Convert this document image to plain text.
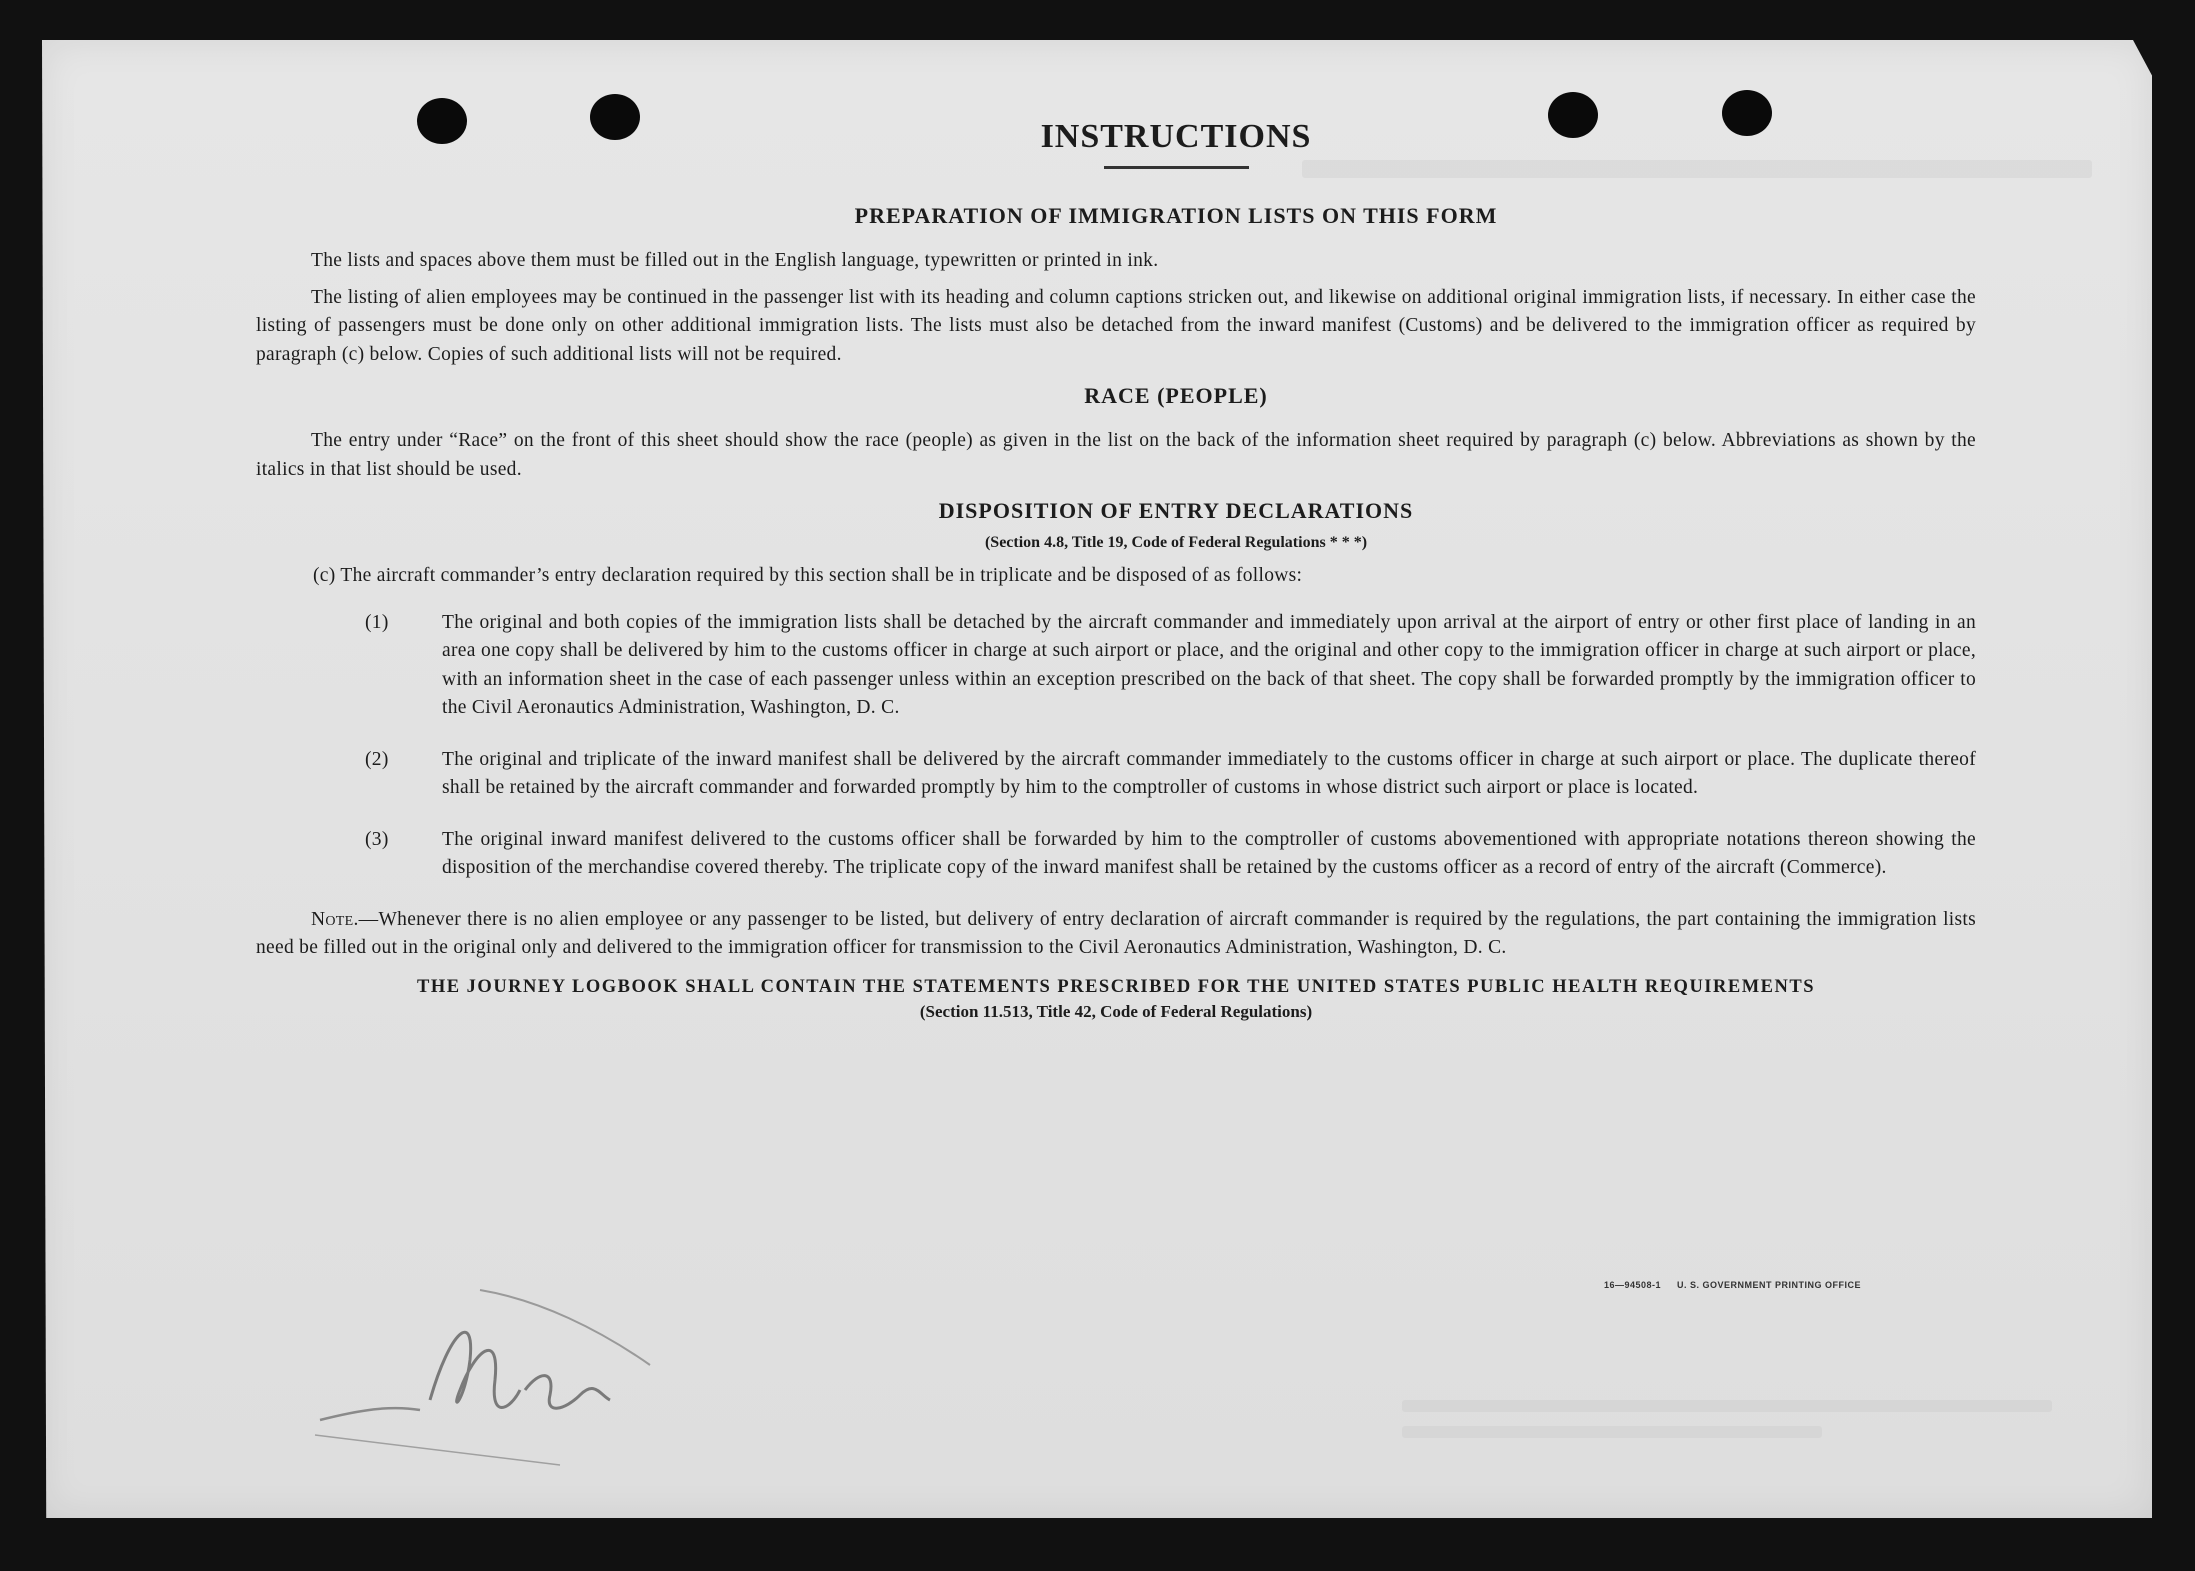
INSTRUCTIONS
PREPARATION OF IMMIGRATION LISTS ON THIS FORM

The lists and spaces above them must be filled out in the English language, typewritten or printed in ink.

The listing of alien employees may be continued in the passenger list with its heading and column captions stricken out, and likewise on additional original immigration lists, if necessary. In either case the listing of passengers must be done only on other additional immigration lists. The lists must also be detached from the inward manifest (Customs) and be delivered to the immigration officer as required by paragraph (c) below. Copies of such additional lists will not be required.

RACE (PEOPLE)

The entry under “Race” on the front of this sheet should show the race (people) as given in the list on the back of the information sheet required by paragraph (c) below. Abbreviations as shown by the italics in that list should be used.

DISPOSITION OF ENTRY DECLARATIONS
(Section 4.8, Title 19, Code of Federal Regulations * * *)

(c) The aircraft commander’s entry declaration required by this section shall be in triplicate and be disposed of as follows:

(1)	The original and both copies of the immigration lists shall be detached by the aircraft commander and immediately upon arrival at the airport of entry or other first place of landing in an area one copy shall be delivered by him to the customs officer in charge at such airport or place, and the original and other copy to the immigration officer in charge at such airport or place, with an information sheet in the case of each passenger unless within an exception prescribed on the back of that sheet. The copy shall be forwarded promptly by the immigration officer to the Civil Aeronautics Administration, Washington, D. C.
(2)	The original and triplicate of the inward manifest shall be delivered by the aircraft commander immediately to the customs officer in charge at such airport or place. The duplicate thereof shall be retained by the aircraft commander and forwarded promptly by him to the comptroller of customs in whose district such airport or place is located.
(3)	The original inward manifest delivered to the customs officer shall be forwarded by him to the comptroller of customs abovementioned with appropriate notations thereon showing the disposition of the merchandise covered thereby. The triplicate copy of the inward manifest shall be retained by the customs officer as a record of entry of the aircraft (Commerce).

Note.—Whenever there is no alien employee or any passenger to be listed, but delivery of entry declaration of aircraft commander is required by the regulations, the part containing the immigration lists need be filled out in the original only and delivered to the immigration officer for transmission to the Civil Aeronautics Administration, Washington, D. C.

THE JOURNEY LOGBOOK SHALL CONTAIN THE STATEMENTS PRESCRIBED FOR THE UNITED STATES PUBLIC HEALTH REQUIREMENTS
(Section 11.513, Title 42, Code of Federal Regulations)
16—94508-1 U. S. GOVERNMENT PRINTING OFFICE
